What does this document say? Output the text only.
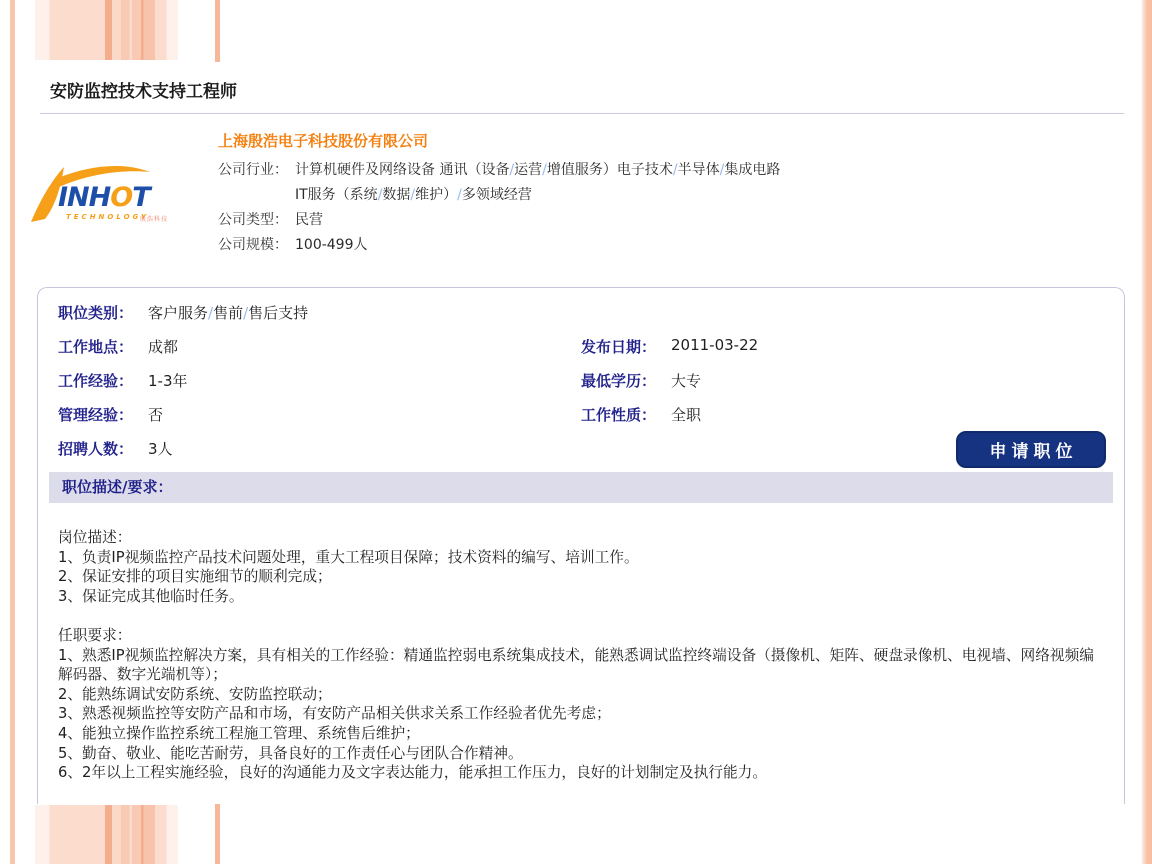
安防监控技术支持工程师
INHOT
TECHNOLOGY
殷浩科技
上海殷浩电子科技股份有限公司
公司行业： 计算机硬件及网络设备 通讯（设备/运营/增值服务）电子技术/半导体/集成电路
IT服务（系统/数据/维护）/多领域经营
公司类型： 民营
公司规模： 100-499人
职位类别： 客户服务/售前/售后支持
工作地点： 成都
工作经验： 1-3年
管理经验： 否
招聘人数： 3人
发布日期： 2011-03-22
最低学历： 大专
工作性质： 全职
申请职位
职位描述/要求：
岗位描述：
1、负责IP视频监控产品技术问题处理，重大工程项目保障；技术资料的编写、培训工作。
2、保证安排的项目实施细节的顺利完成；
3、保证完成其他临时任务。

任职要求：
1、熟悉IP视频监控解决方案，具有相关的工作经验：精通监控弱电系统集成技术，能熟悉调试监控终端设备（摄像机、矩阵、硬盘录像机、电视墙、网络视频编解码器、数字光端机等）；
2、能熟练调试安防系统、安防监控联动；
3、熟悉视频监控等安防产品和市场，有安防产品相关供求关系工作经验者优先考虑；
4、能独立操作监控系统工程施工管理、系统售后维护；
5、勤奋、敬业、能吃苦耐劳，具备良好的工作责任心与团队合作精神。
6、2年以上工程实施经验，良好的沟通能力及文字表达能力，能承担工作压力，良好的计划制定及执行能力。
